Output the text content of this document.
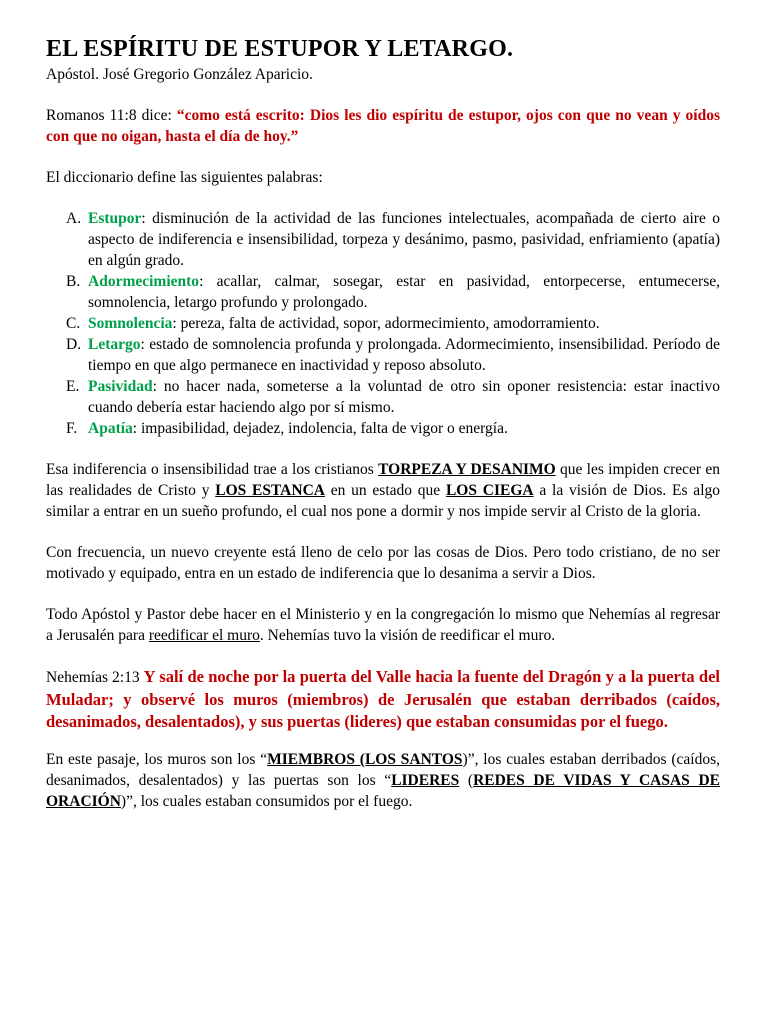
EL ESPÍRITU DE ESTUPOR Y LETARGO.

Apóstol. José Gregorio González Aparicio.

Romanos 11:8 dice: “como está escrito: Dios les dio espíritu de estupor, ojos con que no vean y oídos con que no oigan, hasta el día de hoy.”

El diccionario define las siguientes palabras:

A. Estupor: disminución de la actividad de las funciones intelectuales, acompañada de cierto aire o aspecto de indiferencia e insensibilidad, torpeza y desánimo, pasmo, pasividad, enfriamiento (apatía) en algún grado.
B. Adormecimiento: acallar, calmar, sosegar, estar en pasividad, entorpecerse, entumecerse, somnolencia, letargo profundo y prolongado.
C. Somnolencia: pereza, falta de actividad, sopor, adormecimiento, amodorramiento.
D. Letargo: estado de somnolencia profunda y prolongada. Adormecimiento, insensibilidad. Período de tiempo en que algo permanece en inactividad y reposo absoluto.
E. Pasividad: no hacer nada, someterse a la voluntad de otro sin oponer resistencia: estar inactivo cuando debería estar haciendo algo por sí mismo.
F. Apatía: impasibilidad, dejadez, indolencia, falta de vigor o energía.

Esa indiferencia o insensibilidad trae a los cristianos TORPEZA Y DESANIMO que les impiden crecer en las realidades de Cristo y LOS ESTANCA en un estado que LOS CIEGA a la visión de Dios. Es algo similar a entrar en un sueño profundo, el cual nos pone a dormir y nos impide servir al Cristo de la gloria.

Con frecuencia, un nuevo creyente está lleno de celo por las cosas de Dios. Pero todo cristiano, de no ser motivado y equipado, entra en un estado de indiferencia que lo desanima a servir a Dios.

Todo Apóstol y Pastor debe hacer en el Ministerio y en la congregación lo mismo que Nehemías al regresar a Jerusalén para reedificar el muro. Nehemías tuvo la visión de reedificar el muro.

Nehemías 2:13 Y salí de noche por la puerta del Valle hacia la fuente del Dragón y a la puerta del Muladar; y observé los muros (miembros) de Jerusalén que estaban derribados (caídos, desanimados, desalentados), y sus puertas (lideres) que estaban consumidas por el fuego.

En este pasaje, los muros son los “MIEMBROS (LOS SANTOS)”, los cuales estaban derribados (caídos, desanimados, desalentados) y las puertas son los “LIDERES (REDES DE VIDAS Y CASAS DE ORACIÓN)”, los cuales estaban consumidos por el fuego.
